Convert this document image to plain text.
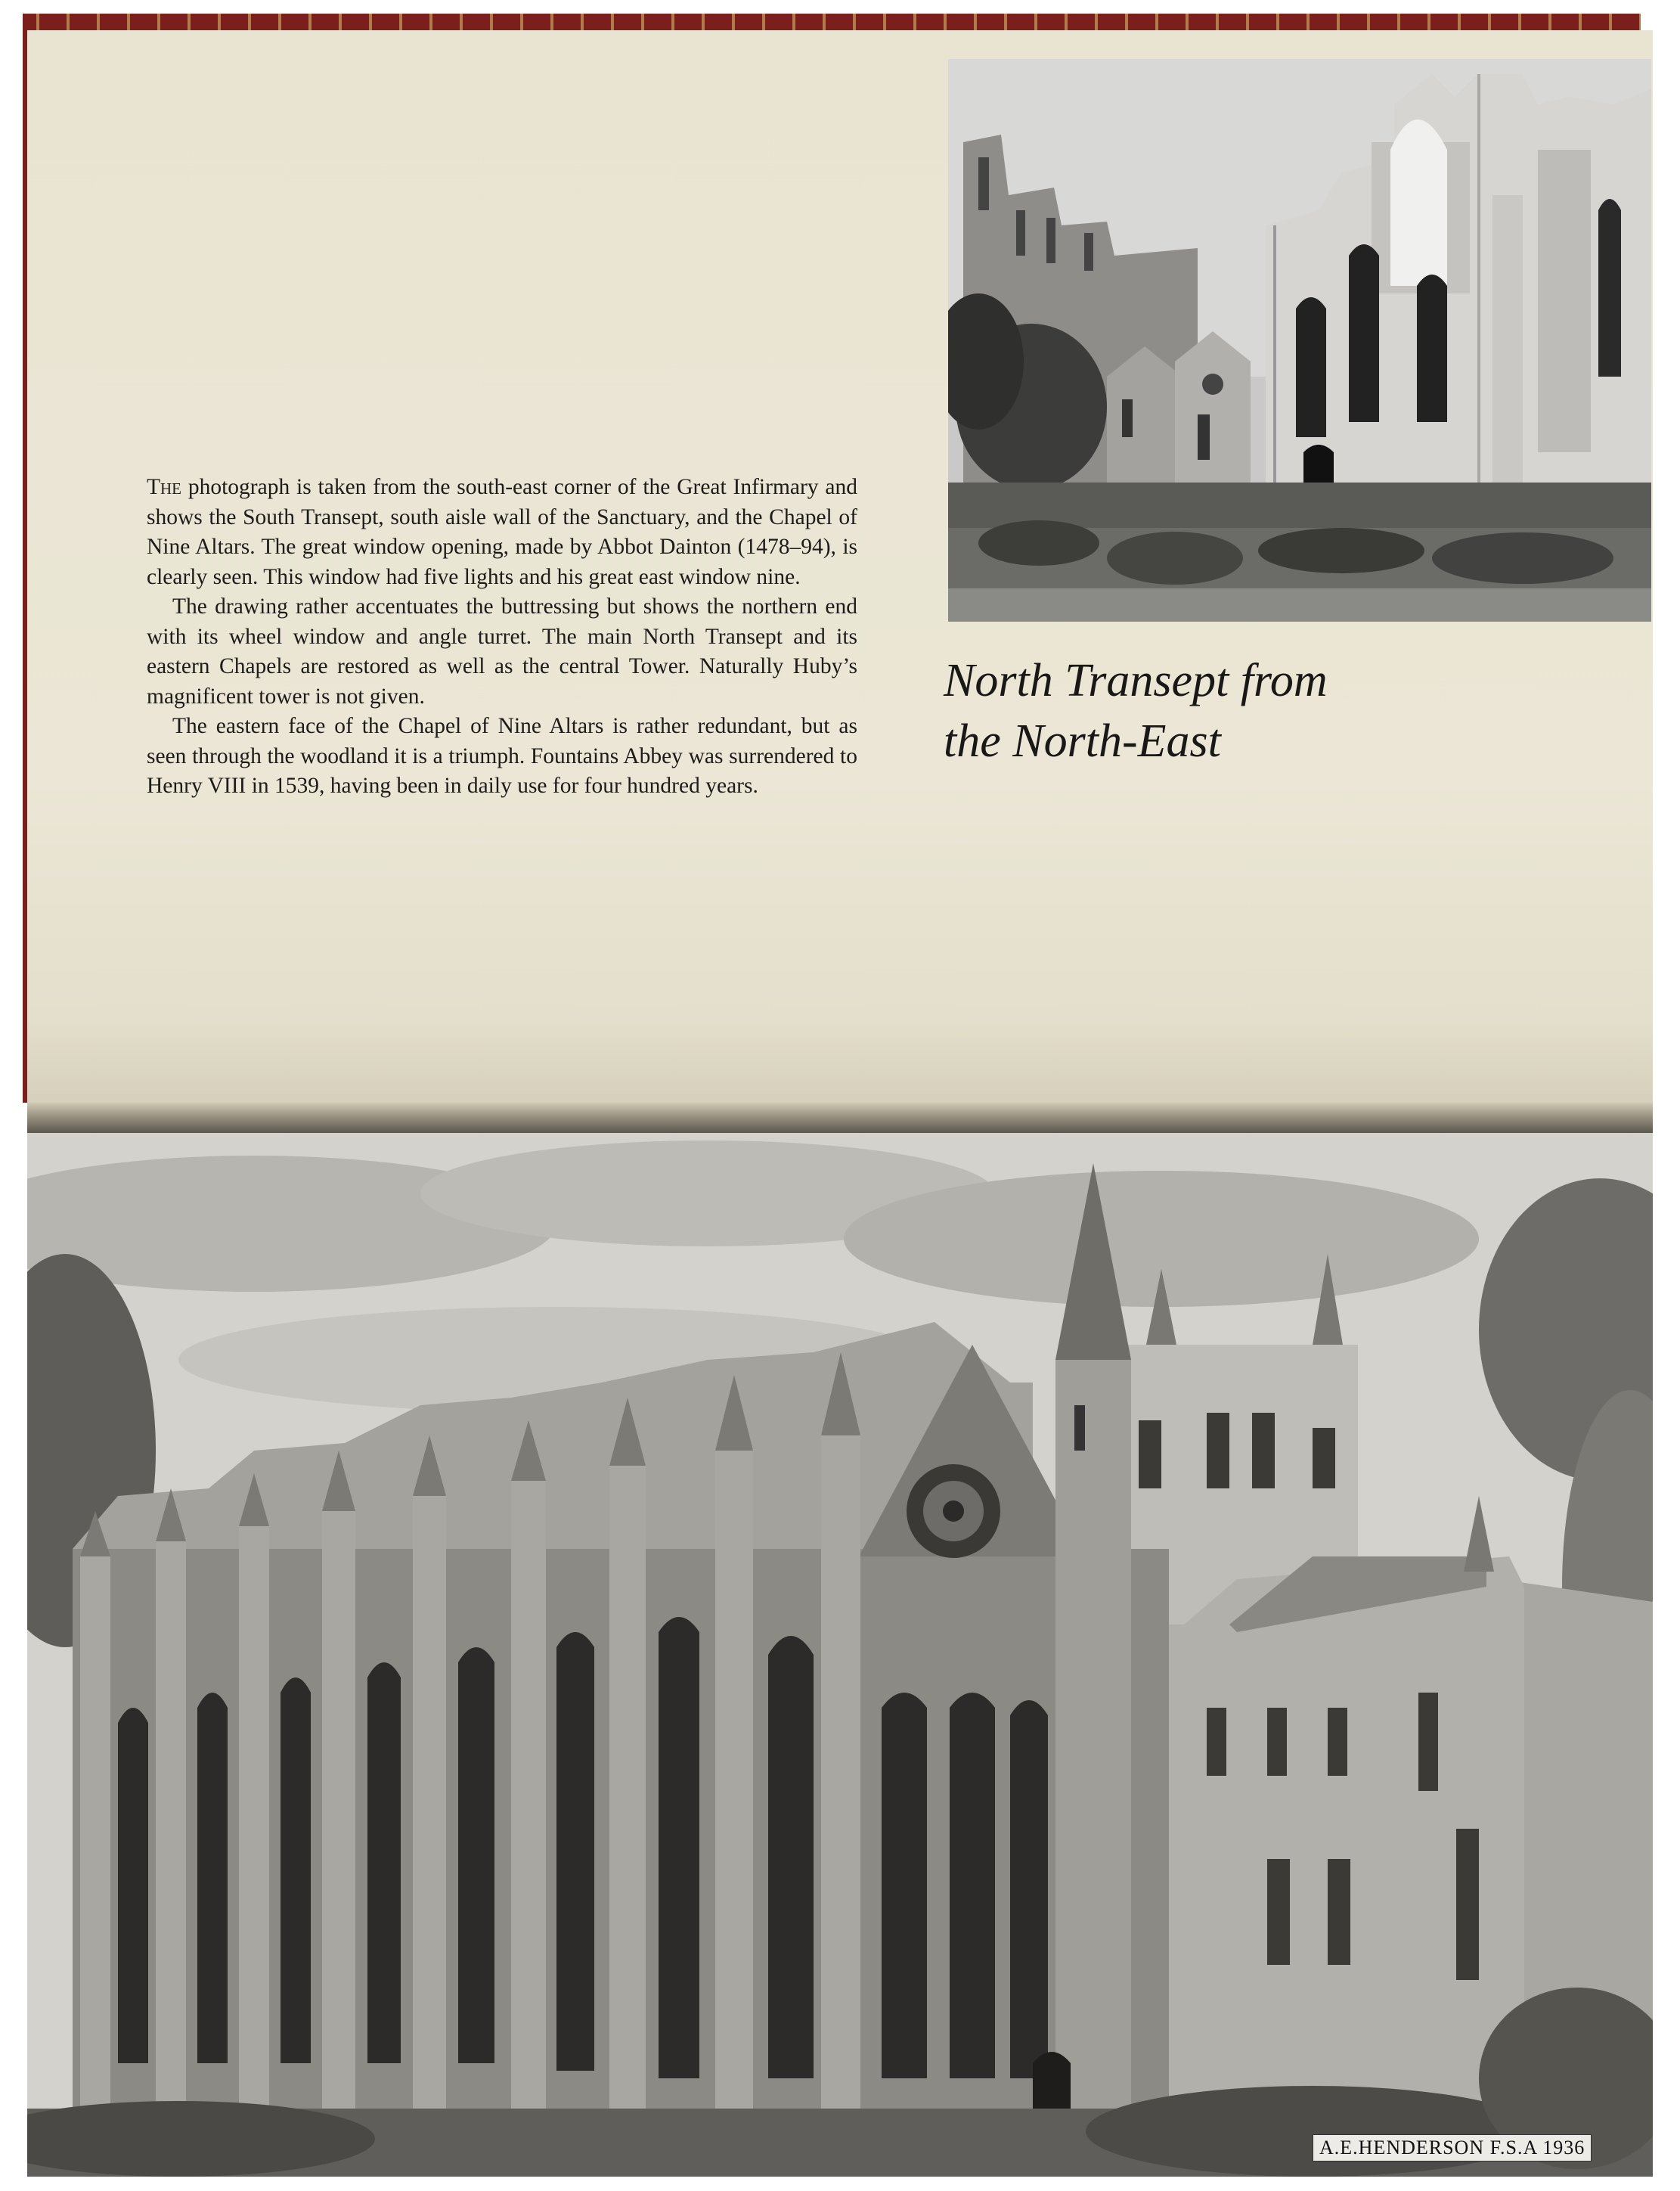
The photograph is taken from the south-east corner of the Great Infirmary and shows the South Transept, south aisle wall of the Sanctuary, and the Chapel of Nine Altars. The great window opening, made by Abbot Dainton (1478–94), is clearly seen. This window had five lights and his great east window nine.

The drawing rather accentuates the buttressing but shows the northern end with its wheel window and angle turret. The main North Transept and its eastern Chapels are restored as well as the central Tower. Naturally Huby’s magnificent tower is not given.

The eastern face of the Chapel of Nine Altars is rather redundant, but as seen through the woodland it is a triumph. Fountains Abbey was surrendered to Henry VIII in 1539, having been in daily use for four hundred years.

North Transept from
the North-East
A.E.HENDERSON F.S.A 1936
